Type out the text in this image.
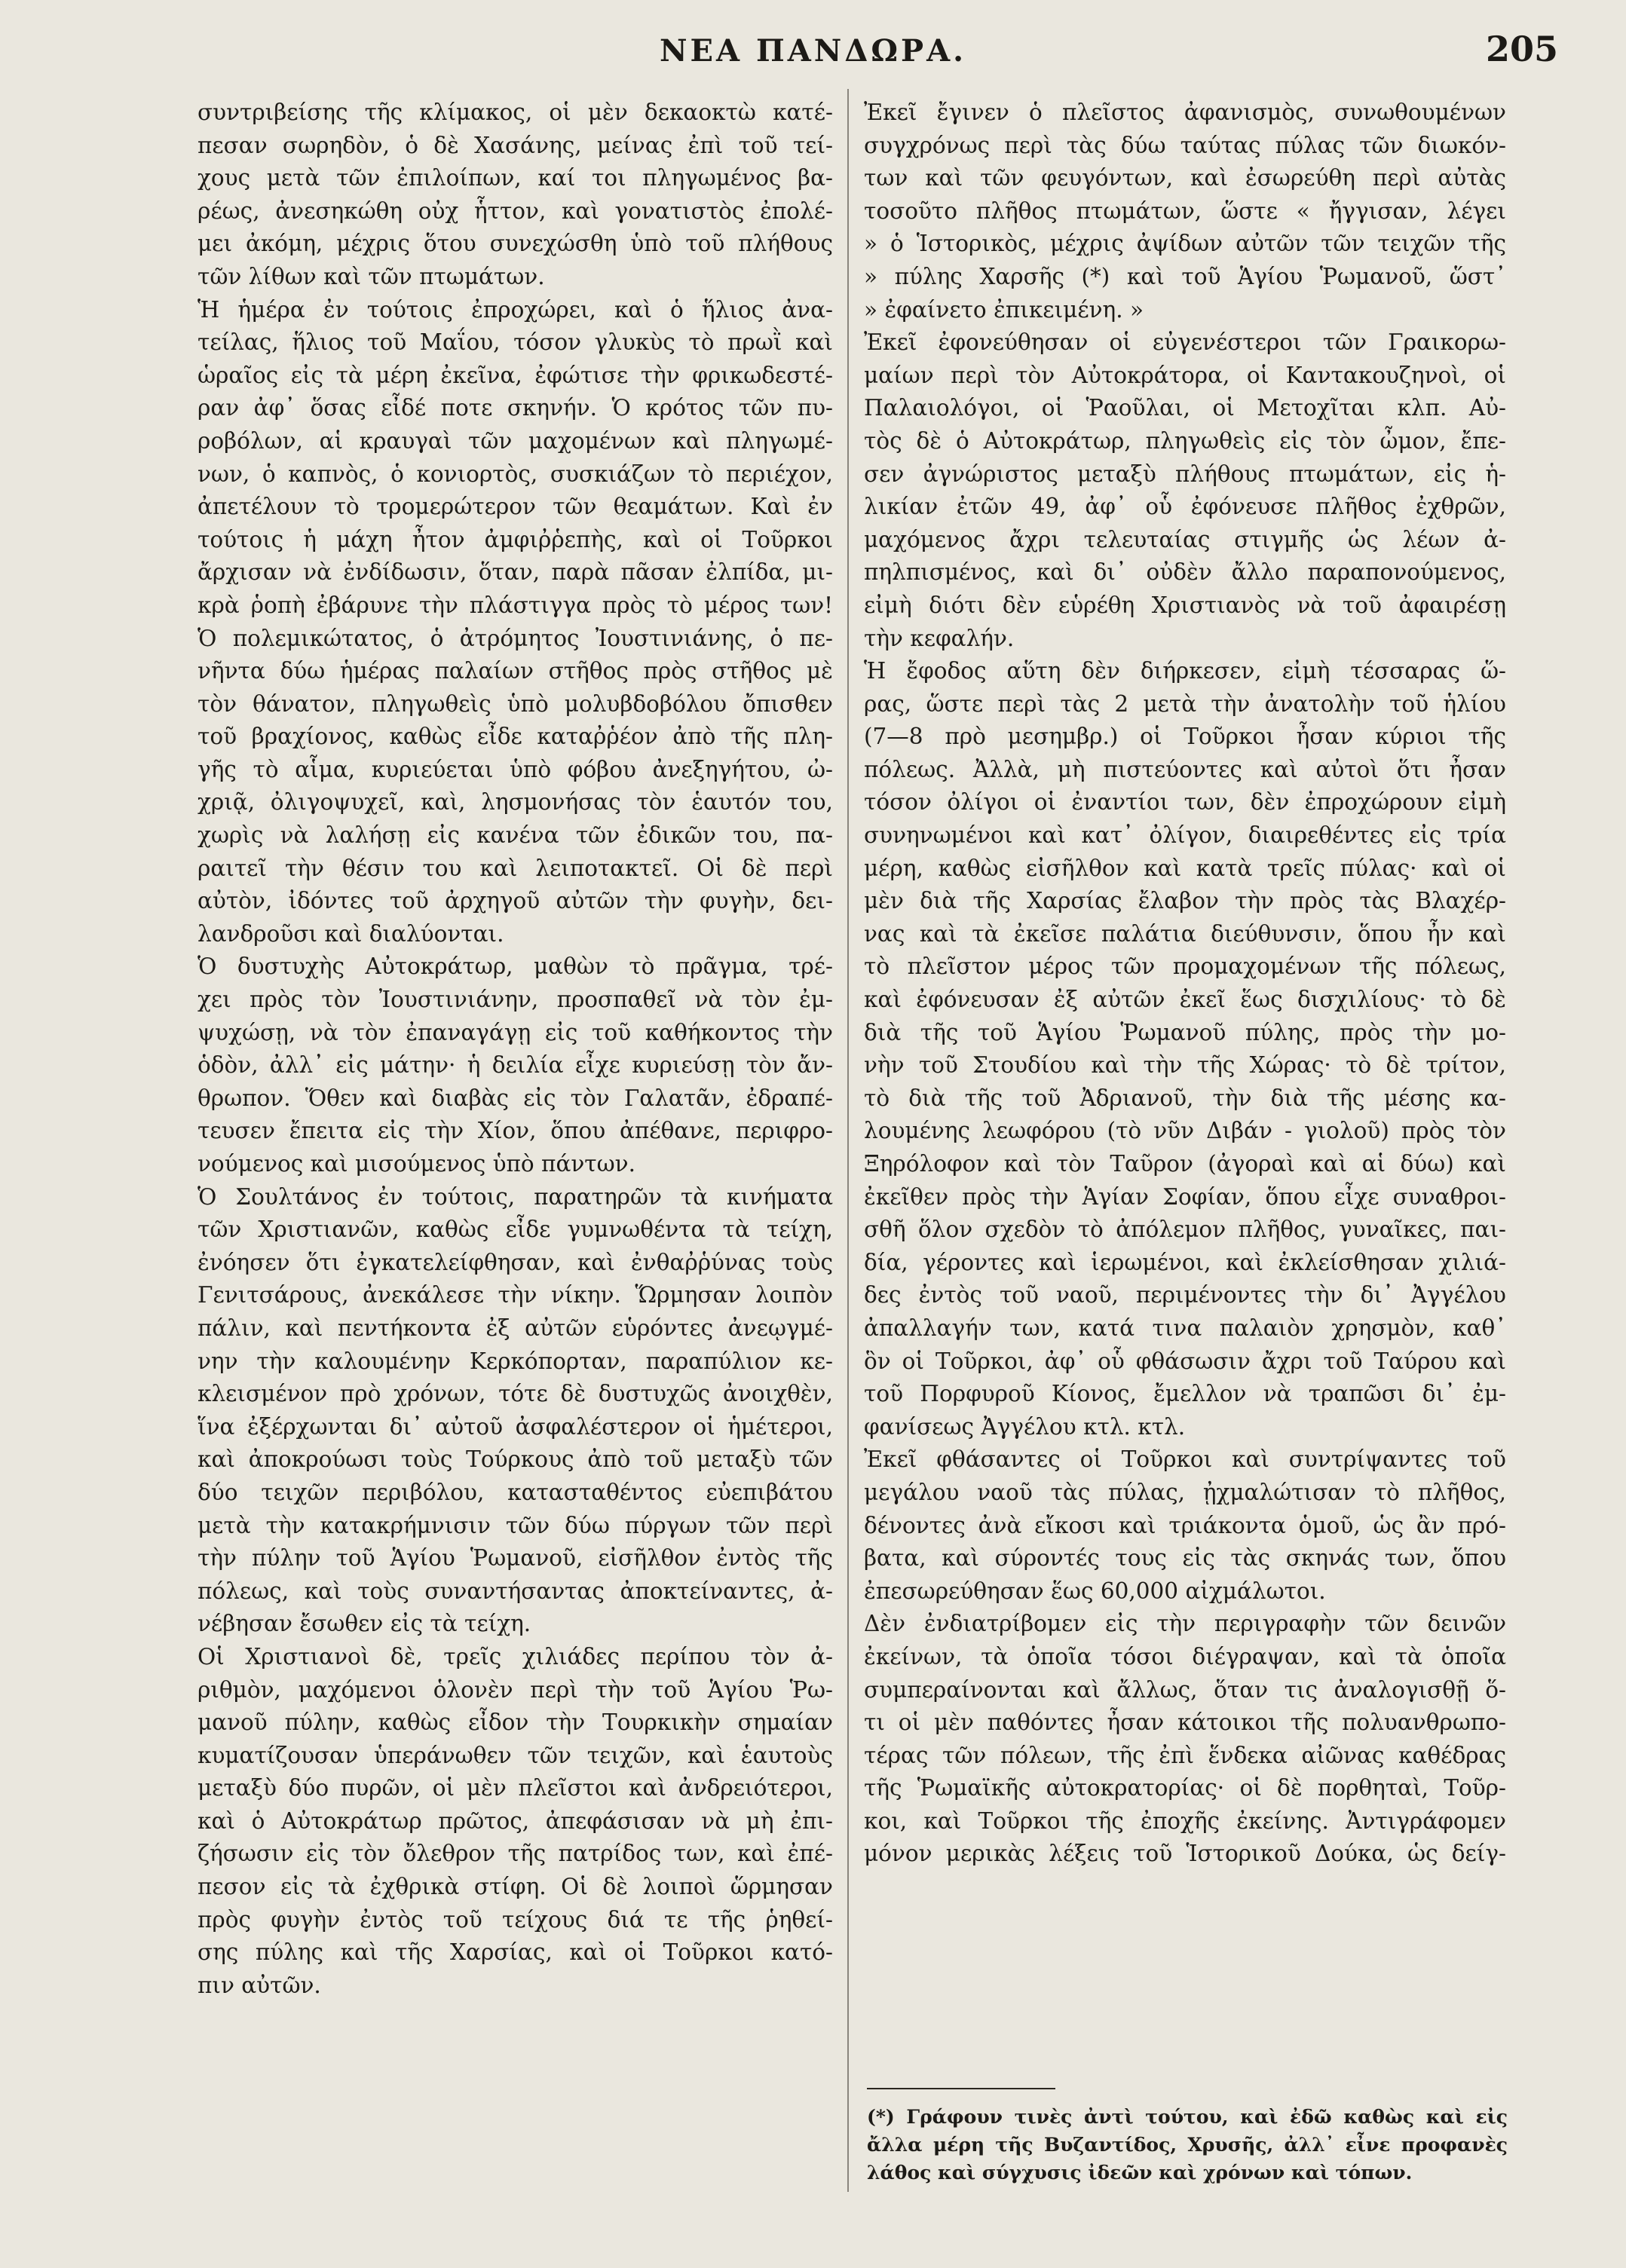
ΝΕΑ ΠΑΝΔΩΡΑ.	205
συντριβείσης τῆς κλίμακος, οἱ μὲν δεκαοκτὼ κατέ-
πεσαν σωρηδὸν, ὁ δὲ Χασάνης, μείνας ἐπὶ τοῦ τεί-
χους μετὰ τῶν ἐπιλοίπων, καί τοι πληγωμένος βα-
ρέως, ἀνεσηκώθη οὐχ ἧττον, καὶ γονατιστὸς ἐπολέ-
μει ἀκόμη, μέχρις ὅτου συνεχώσθη ὑπὸ τοῦ πλήθους
τῶν λίθων καὶ τῶν πτωμάτων.
Ἡ ἡμέρα ἐν τούτοις ἐπροχώρει, καὶ ὁ ἥλιος ἀνα-
τείλας, ἥλιος τοῦ Μαΐου, τόσον γλυκὺς τὸ πρωῒ καὶ
ὡραῖος εἰς τὰ μέρη ἐκεῖνα, ἐφώτισε τὴν φρικωδεστέ-
ραν ἀφ᾽ ὅσας εἶδέ ποτε σκηνήν. Ὁ κρότος τῶν πυ-
ροβόλων, αἱ κραυγαὶ τῶν μαχομένων καὶ πληγωμέ-
νων, ὁ καπνὸς, ὁ κονιορτὸς, συσκιάζων τὸ περιέχον,
ἀπετέλουν τὸ τρομερώτερον τῶν θεαμάτων. Καὶ ἐν
τούτοις ἡ μάχη ἦτον ἀμφιῤῥεπὴς, καὶ οἱ Τοῦρκοι
ἄρχισαν νὰ ἐνδίδωσιν, ὅταν, παρὰ πᾶσαν ἐλπίδα, μι-
κρὰ ῥοπὴ ἐβάρυνε τὴν πλάστιγγα πρὸς τὸ μέρος των!
Ὁ πολεμικώτατος, ὁ ἀτρόμητος Ἰουστινιάνης, ὁ πε-
νῆντα δύω ἡμέρας παλαίων στῆθος πρὸς στῆθος μὲ
τὸν θάνατον, πληγωθεὶς ὑπὸ μολυβδοβόλου ὄπισθεν
τοῦ βραχίονος, καθὼς εἶδε καταῤῥέον ἀπὸ τῆς πλη-
γῆς τὸ αἷμα, κυριεύεται ὑπὸ φόβου ἀνεξηγήτου, ὠ-
χριᾷ, ὀλιγοψυχεῖ, καὶ, λησμονήσας τὸν ἑαυτόν του,
χωρὶς νὰ λαλήσῃ εἰς κανένα τῶν ἐδικῶν του, πα-
ραιτεῖ τὴν θέσιν του καὶ λειποτακτεῖ. Οἱ δὲ περὶ
αὐτὸν, ἰδόντες τοῦ ἀρχηγοῦ αὐτῶν τὴν φυγὴν, δει-
λανδροῦσι καὶ διαλύονται.
Ὁ δυστυχὴς Αὐτοκράτωρ, μαθὼν τὸ πρᾶγμα, τρέ-
χει πρὸς τὸν Ἰουστινιάνην, προσπαθεῖ νὰ τὸν ἐμ-
ψυχώσῃ, νὰ τὸν ἐπαναγάγῃ εἰς τοῦ καθήκοντος τὴν
ὁδὸν, ἀλλ᾽ εἰς μάτην· ἡ δειλία εἶχε κυριεύσῃ τὸν ἄν-
θρωπον. Ὅθεν καὶ διαβὰς εἰς τὸν Γαλατᾶν, ἐδραπέ-
τευσεν ἔπειτα εἰς τὴν Χίον, ὅπου ἀπέθανε, περιφρο-
νούμενος καὶ μισούμενος ὑπὸ πάντων.
Ὁ Σουλτάνος ἐν τούτοις, παρατηρῶν τὰ κινήματα
τῶν Χριστιανῶν, καθὼς εἶδε γυμνωθέντα τὰ τείχη,
ἐνόησεν ὅτι ἐγκατελείφθησαν, καὶ ἐνθαῤῥύνας τοὺς
Γενιτσάρους, ἀνεκάλεσε τὴν νίκην. Ὥρμησαν λοιπὸν
πάλιν, καὶ πεντήκοντα ἐξ αὐτῶν εὑρόντες ἀνεῳγμέ-
νην τὴν καλουμένην Κερκόπορταν, παραπύλιον κε-
κλεισμένον πρὸ χρόνων, τότε δὲ δυστυχῶς ἀνοιχθὲν,
ἵνα ἐξέρχωνται δι᾽ αὐτοῦ ἀσφαλέστερον οἱ ἡμέτεροι,
καὶ ἀποκρούωσι τοὺς Τούρκους ἀπὸ τοῦ μεταξὺ τῶν
δύο τειχῶν περιβόλου, κατασταθέντος εὐεπιβάτου
μετὰ τὴν κατακρήμνισιν τῶν δύω πύργων τῶν περὶ
τὴν πύλην τοῦ Ἁγίου Ῥωμανοῦ, εἰσῆλθον ἐντὸς τῆς
πόλεως, καὶ τοὺς συναντήσαντας ἀποκτείναντες, ἀ-
νέβησαν ἔσωθεν εἰς τὰ τείχη.
Οἱ Χριστιανοὶ δὲ, τρεῖς χιλιάδες περίπου τὸν ἀ-
ριθμὸν, μαχόμενοι ὁλονὲν περὶ τὴν τοῦ Ἁγίου Ῥω-
μανοῦ πύλην, καθὼς εἶδον τὴν Τουρκικὴν σημαίαν
κυματίζουσαν ὑπεράνωθεν τῶν τειχῶν, καὶ ἑαυτοὺς
μεταξὺ δύο πυρῶν, οἱ μὲν πλεῖστοι καὶ ἀνδρειότεροι,
καὶ ὁ Αὐτοκράτωρ πρῶτος, ἀπεφάσισαν νὰ μὴ ἐπι-
ζήσωσιν εἰς τὸν ὄλεθρον τῆς πατρίδος των, καὶ ἐπέ-
πεσον εἰς τὰ ἐχθρικὰ στίφη. Οἱ δὲ λοιποὶ ὥρμησαν
πρὸς φυγὴν ἐντὸς τοῦ τείχους διά τε τῆς ῥηθεί-
σης πύλης καὶ τῆς Χαρσίας, καὶ οἱ Τοῦρκοι κατό-
πιν αὐτῶν.
Ἐκεῖ ἔγινεν ὁ πλεῖστος ἀφανισμὸς, συνωθουμένων
συγχρόνως περὶ τὰς δύω ταύτας πύλας τῶν διωκόν-
των καὶ τῶν φευγόντων, καὶ ἐσωρεύθη περὶ αὐτὰς
τοσοῦτο πλῆθος πτωμάτων, ὥστε « ἤγγισαν, λέγει
» ὁ Ἱστορικὸς, μέχρις ἀψίδων αὐτῶν τῶν τειχῶν τῆς
» πύλης Χαρσῆς (*) καὶ τοῦ Ἁγίου Ῥωμανοῦ, ὥστ᾽
» ἐφαίνετο ἐπικειμένη. »
Ἐκεῖ ἐφονεύθησαν οἱ εὐγενέστεροι τῶν Γραικορω-
μαίων περὶ τὸν Αὐτοκράτορα, οἱ Καντακουζηνοὶ, οἱ
Παλαιολόγοι, οἱ Ῥαοῦλαι, οἱ Μετοχῖται κλπ. Αὐ-
τὸς δὲ ὁ Αὐτοκράτωρ, πληγωθεὶς εἰς τὸν ὦμον, ἔπε-
σεν ἀγνώριστος μεταξὺ πλήθους πτωμάτων, εἰς ἡ-
λικίαν ἐτῶν 49, ἀφ᾽ οὗ ἐφόνευσε πλῆθος ἐχθρῶν,
μαχόμενος ἄχρι τελευταίας στιγμῆς ὡς λέων ἀ-
πηλπισμένος, καὶ δι᾽ οὐδὲν ἄλλο παραπονούμενος,
εἰμὴ διότι δὲν εὑρέθη Χριστιανὸς νὰ τοῦ ἀφαιρέσῃ
τὴν κεφαλήν.
Ἡ ἔφοδος αὕτη δὲν διήρκεσεν, εἰμὴ τέσσαρας ὥ-
ρας, ὥστε περὶ τὰς 2 μετὰ τὴν ἀνατολὴν τοῦ ἡλίου
(7—8 πρὸ μεσημβρ.) οἱ Τοῦρκοι ἦσαν κύριοι τῆς
πόλεως. Ἀλλὰ, μὴ πιστεύοντες καὶ αὐτοὶ ὅτι ἦσαν
τόσον ὀλίγοι οἱ ἐναντίοι των, δὲν ἐπροχώρουν εἰμὴ
συνηνωμένοι καὶ κατ᾽ ὀλίγον, διαιρεθέντες εἰς τρία
μέρη, καθὼς εἰσῆλθον καὶ κατὰ τρεῖς πύλας· καὶ οἱ
μὲν διὰ τῆς Χαρσίας ἔλαβον τὴν πρὸς τὰς Βλαχέρ-
νας καὶ τὰ ἐκεῖσε παλάτια διεύθυνσιν, ὅπου ἦν καὶ
τὸ πλεῖστον μέρος τῶν προμαχομένων τῆς πόλεως,
καὶ ἐφόνευσαν ἐξ αὐτῶν ἐκεῖ ἕως δισχιλίους· τὸ δὲ
διὰ τῆς τοῦ Ἁγίου Ῥωμανοῦ πύλης, πρὸς τὴν μο-
νὴν τοῦ Στουδίου καὶ τὴν τῆς Χώρας· τὸ δὲ τρίτον,
τὸ διὰ τῆς τοῦ Ἀδριανοῦ, τὴν διὰ τῆς μέσης κα-
λουμένης λεωφόρου (τὸ νῦν Διβάν - γιολοῦ) πρὸς τὸν
Ξηρόλοφον καὶ τὸν Ταῦρον (ἀγοραὶ καὶ αἱ δύω) καὶ
ἐκεῖθεν πρὸς τὴν Ἁγίαν Σοφίαν, ὅπου εἶχε συναθροι-
σθῆ ὅλον σχεδὸν τὸ ἀπόλεμον πλῆθος, γυναῖκες, παι-
δία, γέροντες καὶ ἱερωμένοι, καὶ ἐκλείσθησαν χιλιά-
δες ἐντὸς τοῦ ναοῦ, περιμένοντες τὴν δι᾽ Ἀγγέλου
ἀπαλλαγήν των, κατά τινα παλαιὸν χρησμὸν, καθ᾽
ὃν οἱ Τοῦρκοι, ἀφ᾽ οὗ φθάσωσιν ἄχρι τοῦ Ταύρου καὶ
τοῦ Πορφυροῦ Κίονος, ἔμελλον νὰ τραπῶσι δι᾽ ἐμ-
φανίσεως Ἀγγέλου κτλ. κτλ.
Ἐκεῖ φθάσαντες οἱ Τοῦρκοι καὶ συντρίψαντες τοῦ
μεγάλου ναοῦ τὰς πύλας, ᾐχμαλώτισαν τὸ πλῆθος,
δένοντες ἀνὰ εἴκοσι καὶ τριάκοντα ὁμοῦ, ὡς ἂν πρό-
βατα, καὶ σύροντές τους εἰς τὰς σκηνάς των, ὅπου
ἐπεσωρεύθησαν ἕως 60,000 αἰχμάλωτοι.
Δὲν ἐνδιατρίβομεν εἰς τὴν περιγραφὴν τῶν δεινῶν
ἐκείνων, τὰ ὁποῖα τόσοι διέγραψαν, καὶ τὰ ὁποῖα
συμπεραίνονται καὶ ἄλλως, ὅταν τις ἀναλογισθῇ ὅ-
τι οἱ μὲν παθόντες ἦσαν κάτοικοι τῆς πολυανθρωπο-
τέρας τῶν πόλεων, τῆς ἐπὶ ἕνδεκα αἰῶνας καθέδρας
τῆς Ῥωμαϊκῆς αὐτοκρατορίας· οἱ δὲ πορθηταὶ, Τοῦρ-
κοι, καὶ Τοῦρκοι τῆς ἐποχῆς ἐκείνης. Ἀντιγράφομεν
μόνον μερικὰς λέξεις τοῦ Ἱστορικοῦ Δούκα, ὡς δείγ-
(*) Γράφουν τινὲς ἀντὶ τούτου, καὶ ἐδῶ καθὼς καὶ εἰς
ἄλλα μέρη τῆς Βυζαντίδος, Χρυσῆς, ἀλλ᾽ εἶνε προφανὲς
λάθος καὶ σύγχυσις ἰδεῶν καὶ χρόνων καὶ τόπων.
